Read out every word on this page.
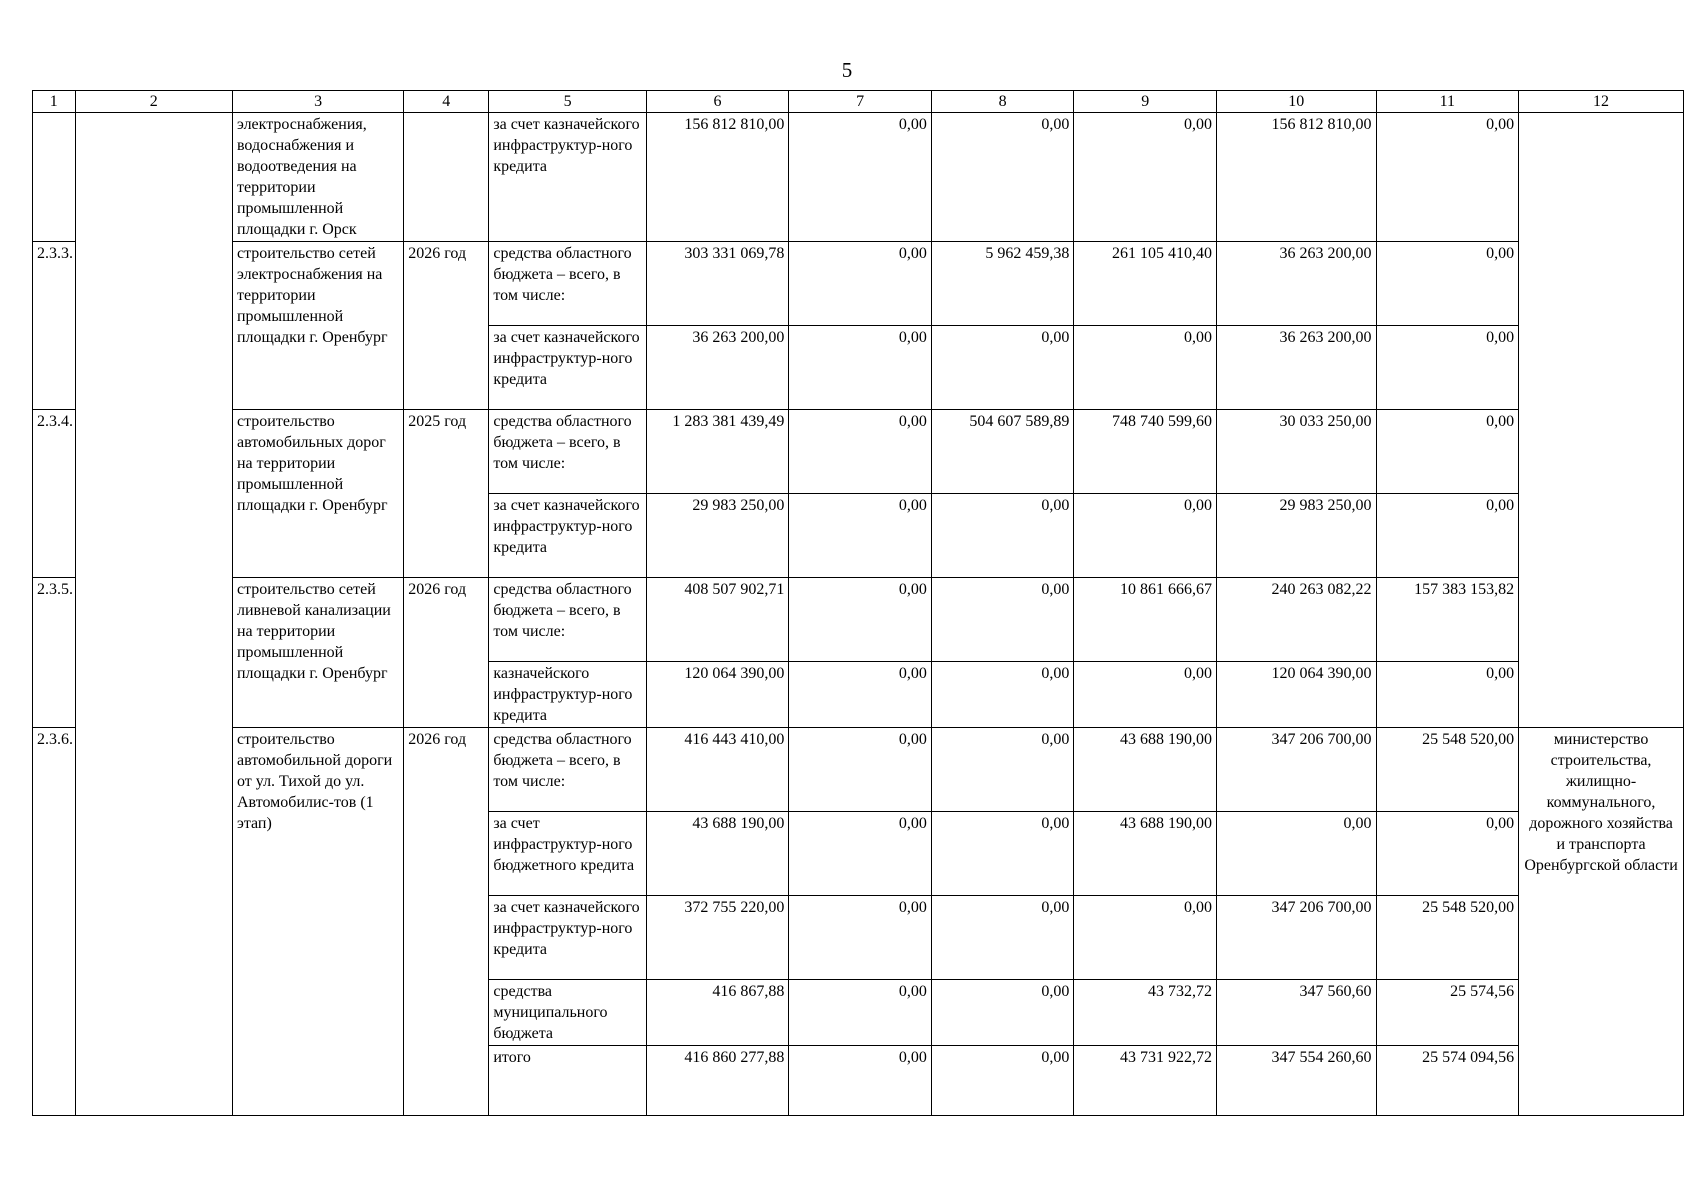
5
1	2	3	4	5	6	7	8	9	10	11	12
		электроснабжения, водоснабжения и водоотведения на территории промышленной площадки г. Орск		за счет казначейского инфраструктур-ного кредита	156 812 810,00	0,00	0,00	0,00	156 812 810,00	0,00	
2.3.3.		строительство сетей электроснабжения на территории промышленной площадки г. Оренбург	2026 год	средства областного бюджета – всего, в том числе:	303 331 069,78	0,00	5 962 459,38	261 105 410,40	36 263 200,00	0,00	
				за счет казначейского инфраструктур-ного кредита	36 263 200,00	0,00	0,00	0,00	36 263 200,00	0,00	
2.3.4.		строительство автомобильных дорог на территории промышленной площадки г. Оренбург	2025 год	средства областного бюджета – всего, в том числе:	1 283 381 439,49	0,00	504 607 589,89	748 740 599,60	30 033 250,00	0,00	
				за счет казначейского инфраструктур-ного кредита	29 983 250,00	0,00	0,00	0,00	29 983 250,00	0,00	
2.3.5.		строительство сетей ливневой канализации на территории промышленной площадки г. Оренбург	2026 год	средства областного бюджета – всего, в том числе:	408 507 902,71	0,00	0,00	10 861 666,67	240 263 082,22	157 383 153,82	
				казначейского инфраструктур-ного кредита	120 064 390,00	0,00	0,00	0,00	120 064 390,00	0,00	
2.3.6.		строительство автомобильной дороги от ул. Тихой до ул. Автомобилис-тов (1 этап)	2026 год	средства областного бюджета – всего, в том числе:	416 443 410,00	0,00	0,00	43 688 190,00	347 206 700,00	25 548 520,00	министерство строительства, жилищно-коммунального, дорожного хозяйства и транспорта Оренбургской области
				за счет инфраструктур-ного бюджетного кредита	43 688 190,00	0,00	0,00	43 688 190,00	0,00	0,00	
				за счет казначейского инфраструктур-ного кредита	372 755 220,00	0,00	0,00	0,00	347 206 700,00	25 548 520,00	
				средства муниципального бюджета	416 867,88	0,00	0,00	43 732,72	347 560,60	25 574,56	
				итого	416 860 277,88	0,00	0,00	43 731 922,72	347 554 260,60	25 574 094,56	
